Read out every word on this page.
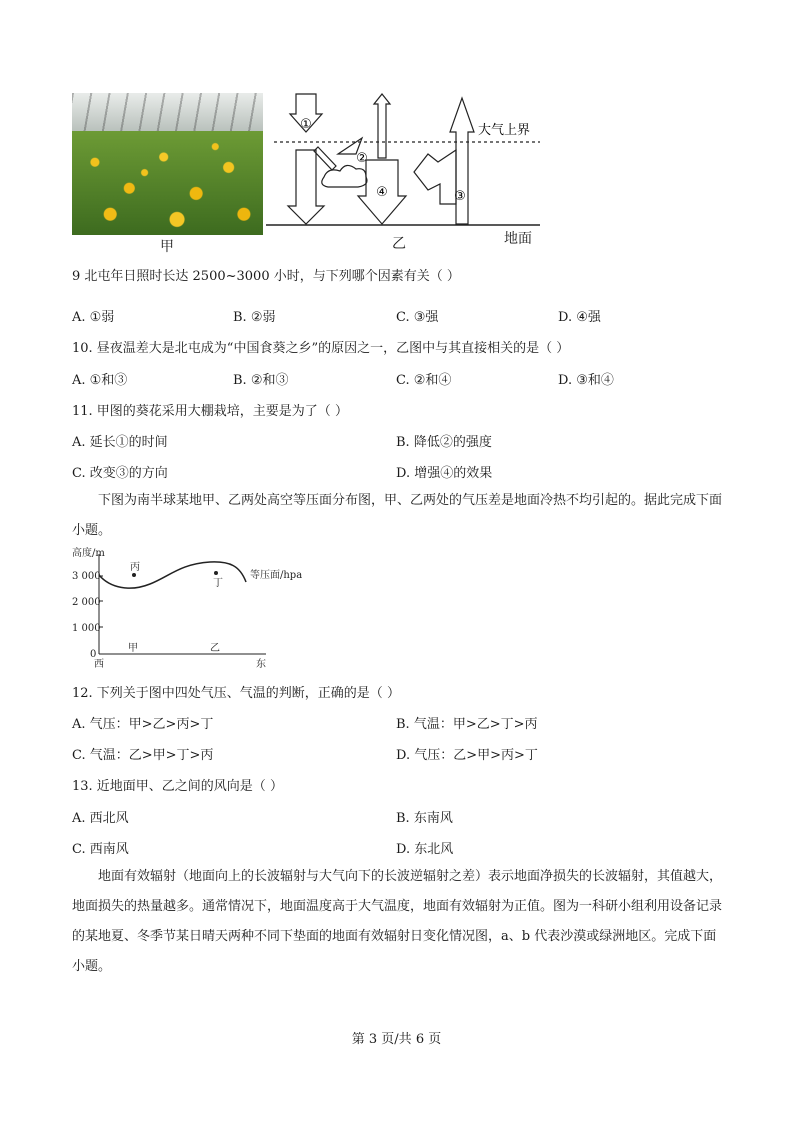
甲
①
②
④	③
大气上界
乙	地面
9 北屯年日照时长达 2500~3000 小时，与下列哪个因素有关（ ）
A. ①弱	B. ②弱	C. ③强	D. ④强
10. 昼夜温差大是北屯成为“中国食葵之乡”的原因之一，乙图中与其直接相关的是（ ）
A. ①和③	B. ②和③	C. ②和④	D. ③和④
11. 甲图的葵花采用大棚栽培，主要是为了（ ）
A. 延长①的时间	B. 降低②的强度
C. 改变③的方向	D. 增强④的效果
下图为南半球某地甲、乙两处高空等压面分布图，甲、乙两处的气压差是地面冷热不均引起的。据此完成下面小题。
高度/m
3 000
2 000
1 000
0
丙
丁
甲	乙
西	东
等压面/hpa
12. 下列关于图中四处气压、气温的判断，正确的是（ ）
A. 气压：甲>乙>丙>丁	B. 气温：甲>乙>丁>丙
C. 气温：乙>甲>丁>丙	D. 气压：乙>甲>丙>丁
13. 近地面甲、乙之间的风向是（ ）
A. 西北风	B. 东南风
C. 西南风	D. 东北风
地面有效辐射（地面向上的长波辐射与大气向下的长波逆辐射之差）表示地面净损失的长波辐射，其值越大，地面损失的热量越多。通常情况下，地面温度高于大气温度，地面有效辐射为正值。图为一科研小组利用设备记录的某地夏、冬季节某日晴天两种不同下垫面的地面有效辐射日变化情况图，a、b 代表沙漠或绿洲地区。完成下面小题。
第 3 页/共 6 页
